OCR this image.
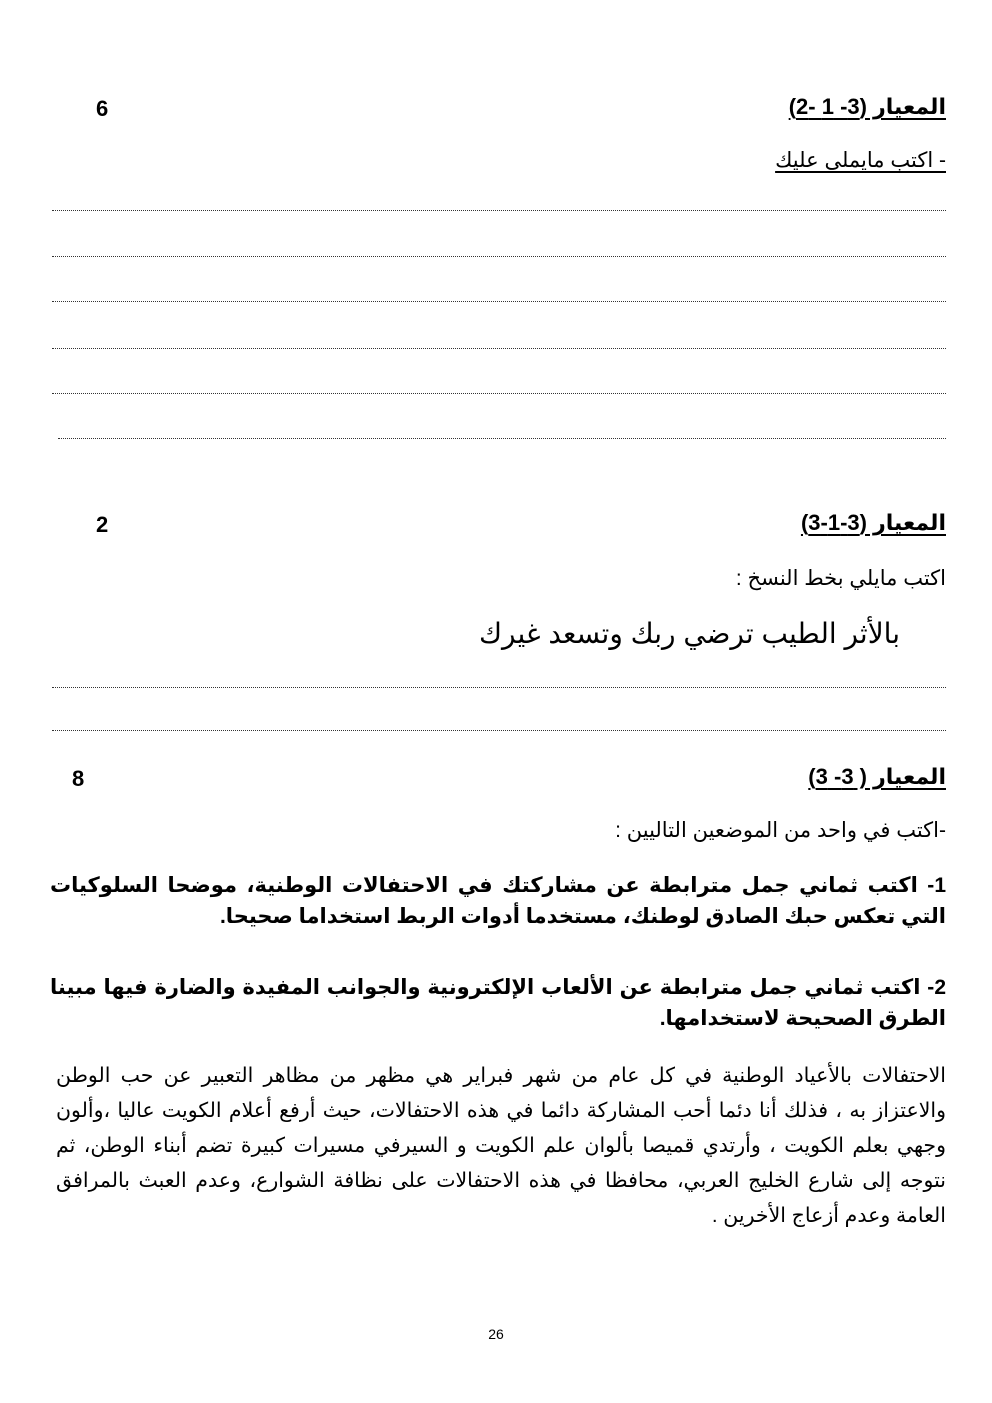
المعيار (3- 1 -2)
6
- اكتب مايملى عليك
المعيار (3-1-3)
2
اكتب مايلي بخط النسخ :
بالأثر الطيب ترضي ربك وتسعد غيرك
المعيار ( 3- 3)
8
-اكتب في واحد من الموضعين التاليين :
1- اكتب ثماني جمل مترابطة عن مشاركتك في الاحتفالات الوطنية، موضحا السلوكيات التي تعكس حبك الصادق لوطنك، مستخدما أدوات الربط استخداما صحيحا.
2- اكتب ثماني جمل مترابطة عن الألعاب الإلكترونية والجوانب المفيدة والضارة فيها مبينا الطرق الصحيحة لاستخدامها.
الاحتفالات بالأعياد الوطنية في كل عام من شهر فبراير هي مظهر من مظاهر التعبير عن حب الوطن والاعتزاز به ، فذلك أنا دئما أحب المشاركة دائما في هذه الاحتفالات، حيث أرفع أعلام الكويت عاليا ،وألون وجهي بعلم الكويت ، وأرتدي قميصا بألوان علم الكويت و السيرفي مسيرات كبيرة تضم أبناء الوطن، ثم نتوجه إلى شارع الخليج العربي، محافظا في هذه الاحتفالات على نظافة الشوارع، وعدم العبث بالمرافق العامة وعدم أزعاج الأخرين .
26
